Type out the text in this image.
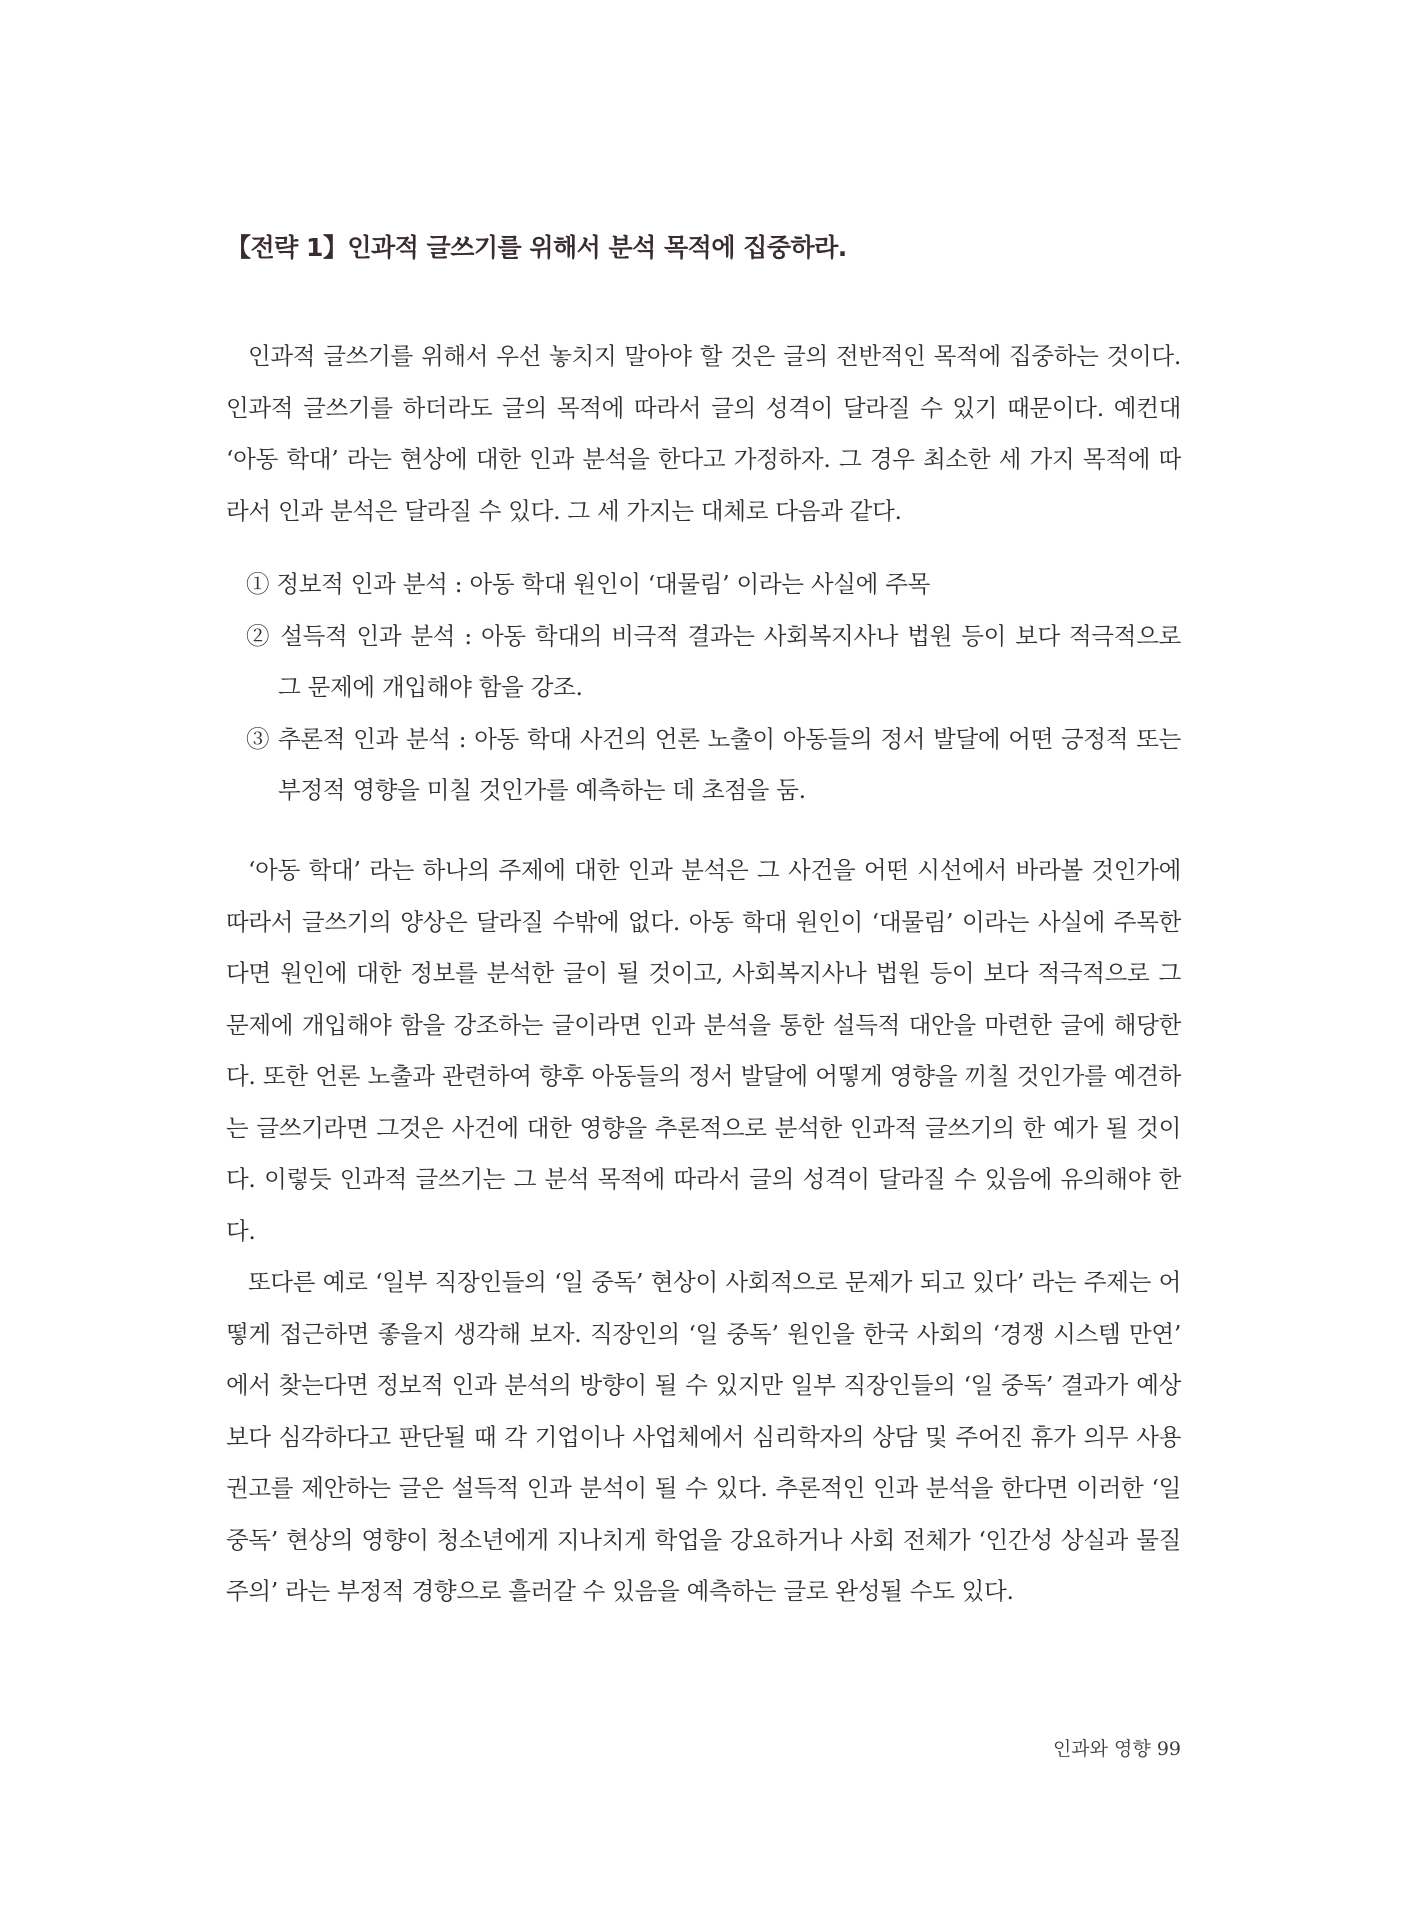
【전략 1】인과적 글쓰기를 위해서 분석 목적에 집중하라.

인과적 글쓰기를 위해서 우선 놓치지 말아야 할 것은 글의 전반적인 목적에 집중하는 것이다. 인과적 글쓰기를 하더라도 글의 목적에 따라서 글의 성격이 달라질 수 있기 때문이다. 예컨대 ‘아동 학대’ 라는 현상에 대한 인과 분석을 한다고 가정하자. 그 경우 최소한 세 가지 목적에 따라서 인과 분석은 달라질 수 있다. 그 세 가지는 대체로 다음과 같다.

① 정보적 인과 분석 : 아동 학대 원인이 ‘대물림’ 이라는 사실에 주목

② 설득적 인과 분석 : 아동 학대의 비극적 결과는 사회복지사나 법원 등이 보다 적극적으로 그 문제에 개입해야 함을 강조.

③ 추론적 인과 분석 : 아동 학대 사건의 언론 노출이 아동들의 정서 발달에 어떤 긍정적 또는 부정적 영향을 미칠 것인가를 예측하는 데 초점을 둠.

‘아동 학대’ 라는 하나의 주제에 대한 인과 분석은 그 사건을 어떤 시선에서 바라볼 것인가에 따라서 글쓰기의 양상은 달라질 수밖에 없다. 아동 학대 원인이 ‘대물림’ 이라는 사실에 주목한다면 원인에 대한 정보를 분석한 글이 될 것이고, 사회복지사나 법원 등이 보다 적극적으로 그 문제에 개입해야 함을 강조하는 글이라면 인과 분석을 통한 설득적 대안을 마련한 글에 해당한다. 또한 언론 노출과 관련하여 향후 아동들의 정서 발달에 어떻게 영향을 끼칠 것인가를 예견하는 글쓰기라면 그것은 사건에 대한 영향을 추론적으로 분석한 인과적 글쓰기의 한 예가 될 것이다. 이렇듯 인과적 글쓰기는 그 분석 목적에 따라서 글의 성격이 달라질 수 있음에 유의해야 한다.

또다른 예로 ‘일부 직장인들의 ‘일 중독’ 현상이 사회적으로 문제가 되고 있다’ 라는 주제는 어떻게 접근하면 좋을지 생각해 보자. 직장인의 ‘일 중독’ 원인을 한국 사회의 ‘경쟁 시스템 만연’ 에서 찾는다면 정보적 인과 분석의 방향이 될 수 있지만 일부 직장인들의 ‘일 중독’ 결과가 예상보다 심각하다고 판단될 때 각 기업이나 사업체에서 심리학자의 상담 및 주어진 휴가 의무 사용 권고를 제안하는 글은 설득적 인과 분석이 될 수 있다. 추론적인 인과 분석을 한다면 이러한 ‘일 중독’ 현상의 영향이 청소년에게 지나치게 학업을 강요하거나 사회 전체가 ‘인간성 상실과 물질주의’ 라는 부정적 경향으로 흘러갈 수 있음을 예측하는 글로 완성될 수도 있다.

인과와 영향 99
